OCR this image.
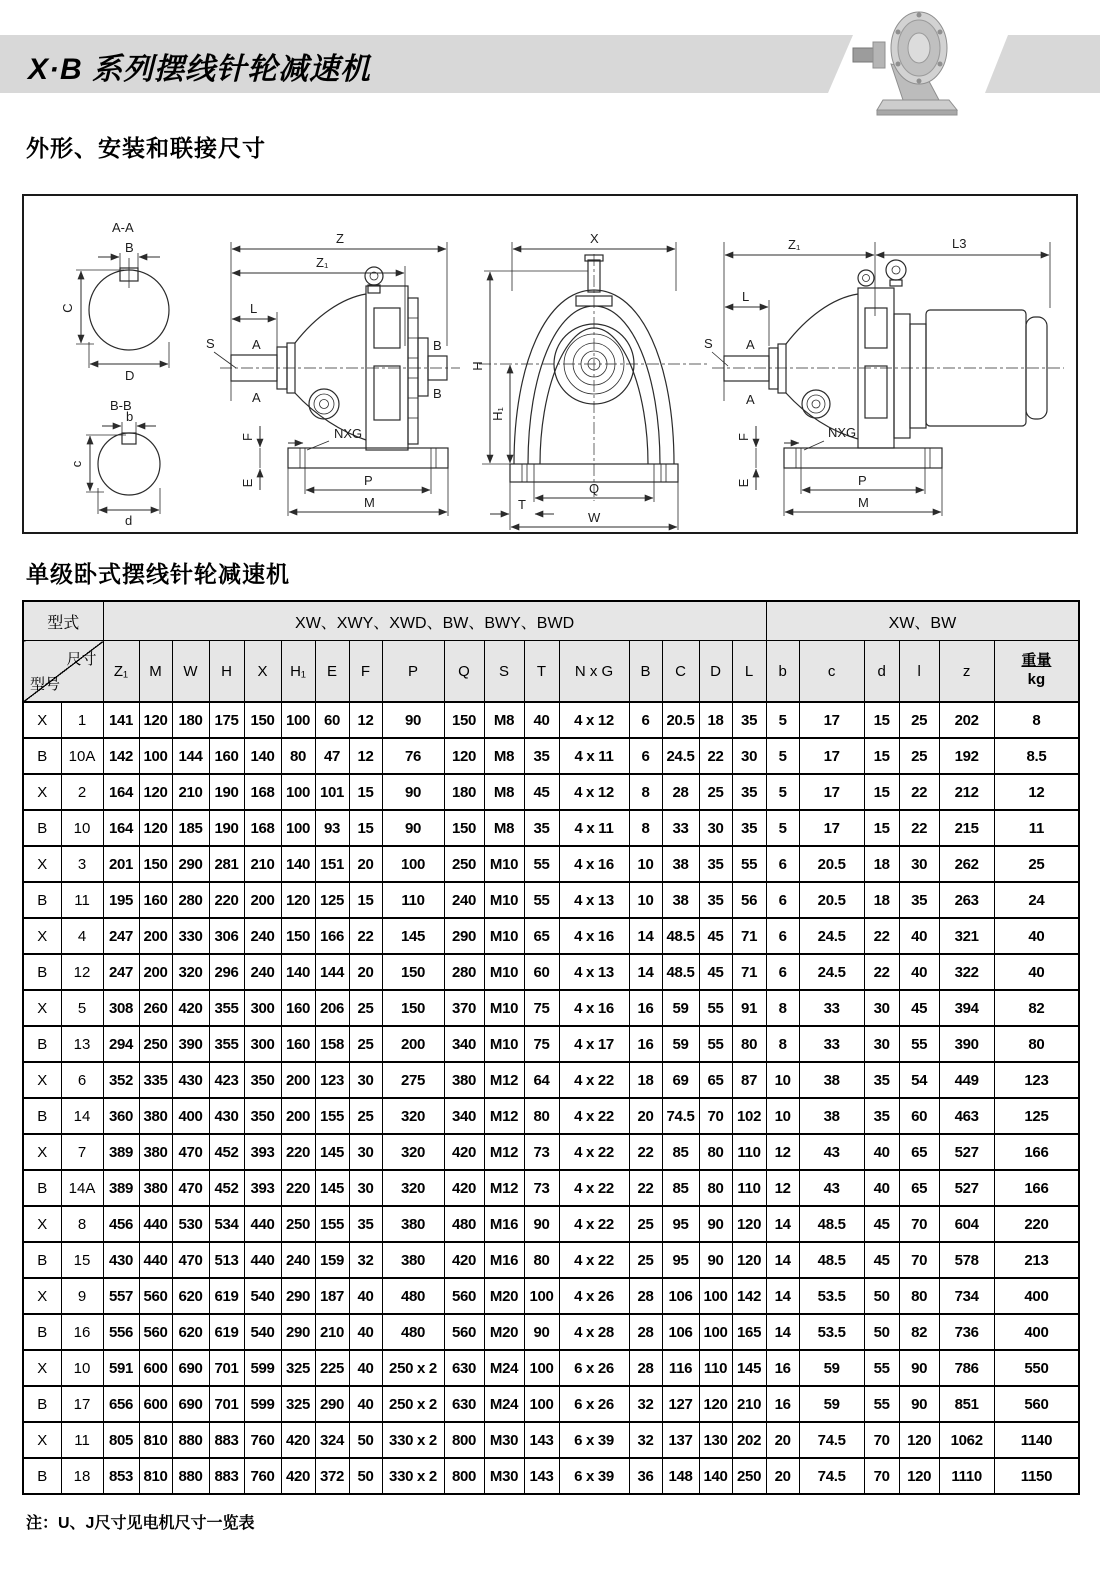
X·B 系列摆线针轮减速机
外形、安装和联接尺寸
A-A
B
C
D
B-B
b
c
d
Z
Z₁
L
S	A
A
B
B
NXG
F
E	P
M
X
H
H₁
Q
T
W
Z₁	L3
L
S	A
A
NXG
F
E	P
M
单级卧式摆线针轮减速机
型式		XW、XWY、XWD、BW、BWY、BWD																	XW、BW					

尺寸
型号		Z₁	M	W	H	X	H₁	E	F	P	Q	S	T	N x G	B	C	D	L	b	c	d	l	z	重量
kg

X	1	141	120	180	175	150	100	60	12	90	150	M8	40	4 x 12	6	20.5	18	35	5	17	15	25	202	8
B	10A	142	100	144	160	140	80	47	12	76	120	M8	35	4 x 11	6	24.5	22	30	5	17	15	25	192	8.5
X	2	164	120	210	190	168	100	101	15	90	180	M8	45	4 x 12	8	28	25	35	5	17	15	22	212	12
B	10	164	120	185	190	168	100	93	15	90	150	M8	35	4 x 11	8	33	30	35	5	17	15	22	215	11
X	3	201	150	290	281	210	140	151	20	100	250	M10	55	4 x 16	10	38	35	55	6	20.5	18	30	262	25
B	11	195	160	280	220	200	120	125	15	110	240	M10	55	4 x 13	10	38	35	56	6	20.5	18	35	263	24
X	4	247	200	330	306	240	150	166	22	145	290	M10	65	4 x 16	14	48.5	45	71	6	24.5	22	40	321	40
B	12	247	200	320	296	240	140	144	20	150	280	M10	60	4 x 13	14	48.5	45	71	6	24.5	22	40	322	40
X	5	308	260	420	355	300	160	206	25	150	370	M10	75	4 x 16	16	59	55	91	8	33	30	45	394	82
B	13	294	250	390	355	300	160	158	25	200	340	M10	75	4 x 17	16	59	55	80	8	33	30	55	390	80
X	6	352	335	430	423	350	200	123	30	275	380	M12	64	4 x 22	18	69	65	87	10	38	35	54	449	123
B	14	360	380	400	430	350	200	155	25	320	340	M12	80	4 x 22	20	74.5	70	102	10	38	35	60	463	125
X	7	389	380	470	452	393	220	145	30	320	420	M12	73	4 x 22	22	85	80	110	12	43	40	65	527	166
B	14A	389	380	470	452	393	220	145	30	320	420	M12	73	4 x 22	22	85	80	110	12	43	40	65	527	166
X	8	456	440	530	534	440	250	155	35	380	480	M16	90	4 x 22	25	95	90	120	14	48.5	45	70	604	220
B	15	430	440	470	513	440	240	159	32	380	420	M16	80	4 x 22	25	95	90	120	14	48.5	45	70	578	213
X	9	557	560	620	619	540	290	187	40	480	560	M20	100	4 x 26	28	106	100	142	14	53.5	50	80	734	400
B	16	556	560	620	619	540	290	210	40	480	560	M20	90	4 x 28	28	106	100	165	14	53.5	50	82	736	400
X	10	591	600	690	701	599	325	225	40	250 x 2	630	M24	100	6 x 26	28	116	110	145	16	59	55	90	786	550
B	17	656	600	690	701	599	325	290	40	250 x 2	630	M24	100	6 x 26	32	127	120	210	16	59	55	90	851	560
X	11	805	810	880	883	760	420	324	50	330 x 2	800	M30	143	6 x 39	32	137	130	202	20	74.5	70	120	1062	1140
B	18	853	810	880	883	760	420	372	50	330 x 2	800	M30	143	6 x 39	36	148	140	250	20	74.5	70	120	1110	1150

注：U、J尺寸见电机尺寸一览表
